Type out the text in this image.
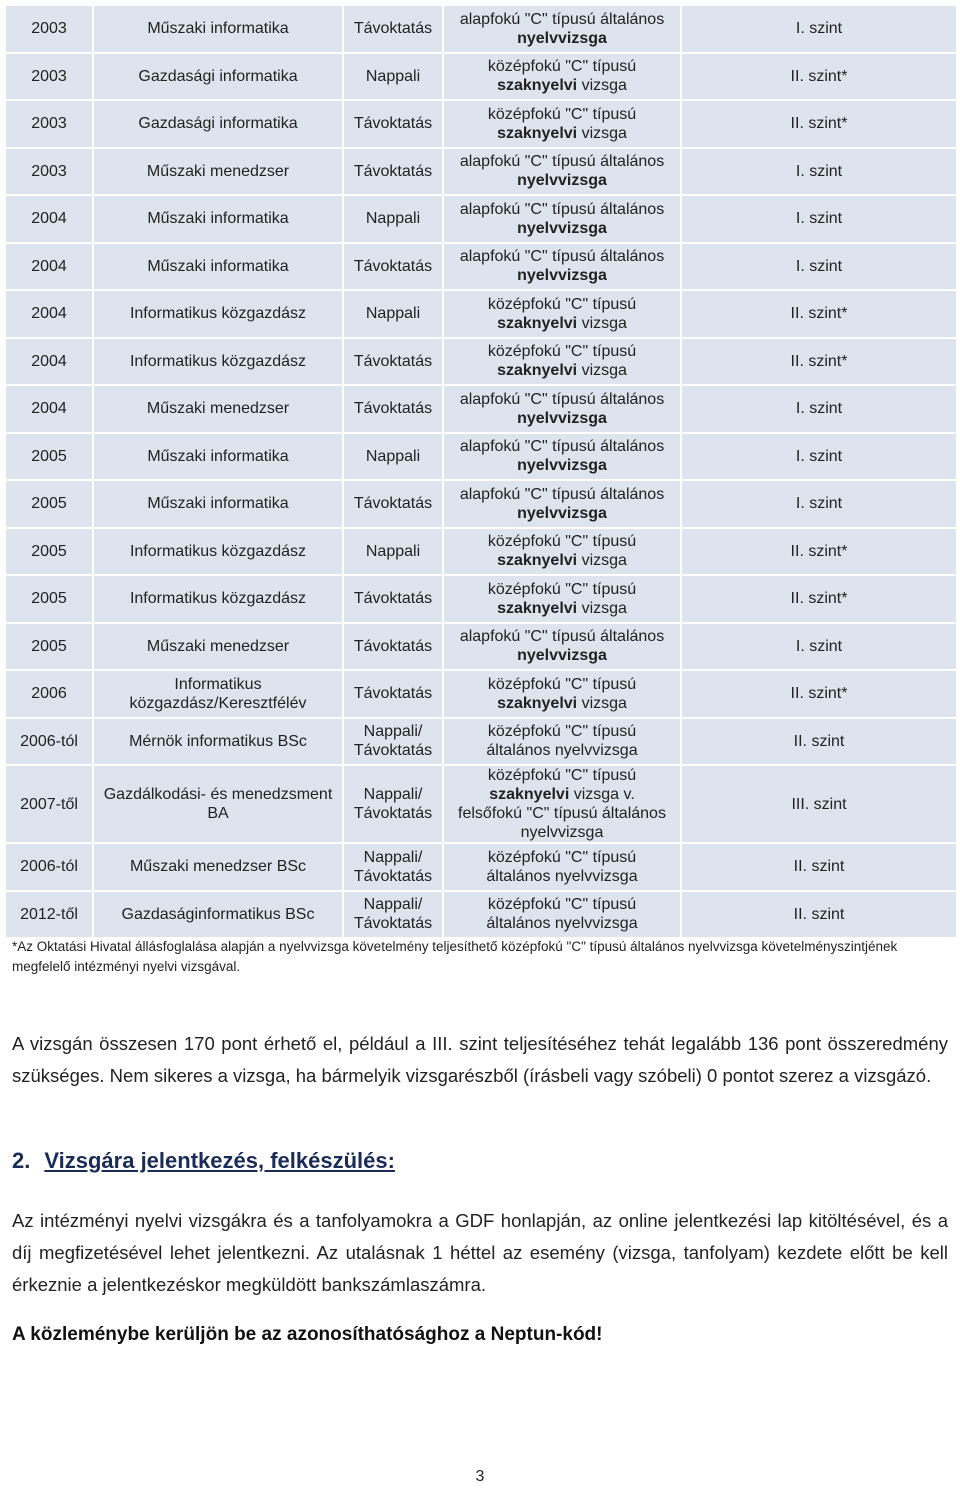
2003	Műszaki informatika	Távoktatás	alapfokú "C" típusú általános
nyelvvizsga	I. szint
2003	Gazdasági informatika	Nappali	középfokú "C" típusú
szaknyelvi vizsga	II. szint*
2003	Gazdasági informatika	Távoktatás	középfokú "C" típusú
szaknyelvi vizsga	II. szint*
2003	Műszaki menedzser	Távoktatás	alapfokú "C" típusú általános
nyelvvizsga	I. szint
2004	Műszaki informatika	Nappali	alapfokú "C" típusú általános
nyelvvizsga	I. szint
2004	Műszaki informatika	Távoktatás	alapfokú "C" típusú általános
nyelvvizsga	I. szint
2004	Informatikus közgazdász	Nappali	középfokú "C" típusú
szaknyelvi vizsga	II. szint*
2004	Informatikus közgazdász	Távoktatás	középfokú "C" típusú
szaknyelvi vizsga	II. szint*
2004	Műszaki menedzser	Távoktatás	alapfokú "C" típusú általános
nyelvvizsga	I. szint
2005	Műszaki informatika	Nappali	alapfokú "C" típusú általános
nyelvvizsga	I. szint
2005	Műszaki informatika	Távoktatás	alapfokú "C" típusú általános
nyelvvizsga	I. szint
2005	Informatikus közgazdász	Nappali	középfokú "C" típusú
szaknyelvi vizsga	II. szint*
2005	Informatikus közgazdász	Távoktatás	középfokú "C" típusú
szaknyelvi vizsga	II. szint*
2005	Műszaki menedzser	Távoktatás	alapfokú "C" típusú általános
nyelvvizsga	I. szint
2006	Informatikus közgazdász/Keresztfélév	Távoktatás	középfokú "C" típusú
szaknyelvi vizsga	II. szint*
2006-tól	Mérnök informatikus BSc	Nappali/ Távoktatás	középfokú "C" típusú
általános nyelvvizsga	II. szint
2007-től	Gazdálkodási- és menedzsment BA	Nappali/ Távoktatás	középfokú "C" típusú
szaknyelvi vizsga v.
felsőfokú "C" típusú általános nyelvvizsga	III. szint
2006-tól	Műszaki menedzser BSc	Nappali/ Távoktatás	középfokú "C" típusú
általános nyelvvizsga	II. szint
2012-től	Gazdaságinformatikus BSc	Nappali/ Távoktatás	középfokú "C" típusú
általános nyelvvizsga	II. szint
*Az Oktatási Hivatal állásfoglalása alapján a nyelvvizsga követelmény teljesíthető középfokú "C" típusú általános nyelvvizsga követelményszintjének megfelelő intézményi nyelvi vizsgával.
A vizsgán összesen 170 pont érhető el, például a III. szint teljesítéséhez tehát legalább 136 pont összeredmény szükséges. Nem sikeres a vizsga, ha bármelyik vizsgarészből (írásbeli vagy szóbeli) 0 pontot szerez a vizsgázó.
2. Vizsgára jelentkezés, felkészülés:
Az intézményi nyelvi vizsgákra és a tanfolyamokra a GDF honlapján, az online jelentkezési lap kitöltésével, és a díj megfizetésével lehet jelentkezni. Az utalásnak 1 héttel az esemény (vizsga, tanfolyam) kezdete előtt be kell érkeznie a jelentkezéskor megküldött bankszámlaszámra.
A közleménybe kerüljön be az azonosíthatósághoz a Neptun-kód!
3
